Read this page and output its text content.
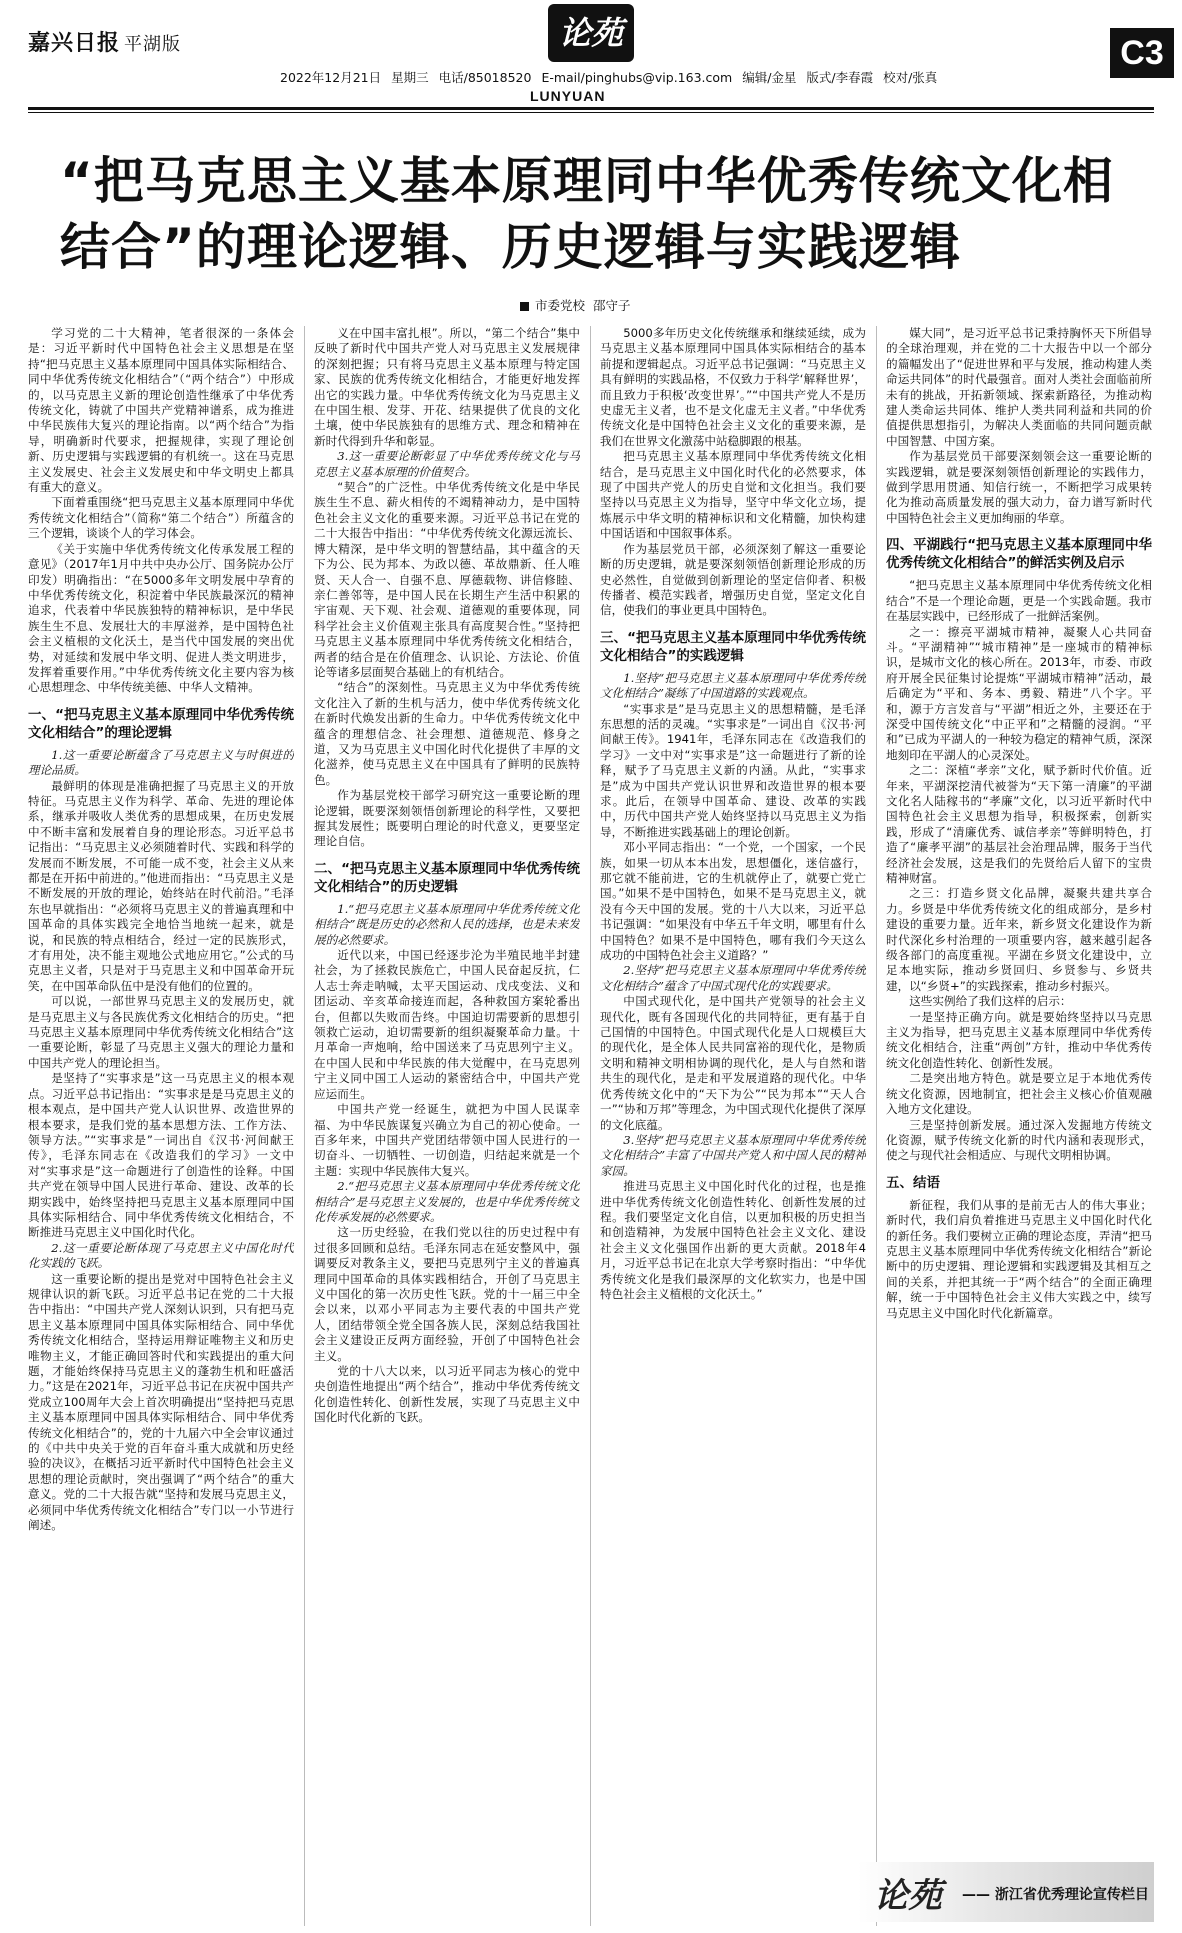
嘉兴日报 平湖版	论苑
C3
2022年12月21日 星期三 电话/85018520 E-mail/pinghubs@vip.163.com 编辑/金星 版式/李春霞 校对/张真
LUNYUAN
“把马克思主义基本原理同中华优秀传统文化相结合”的理论逻辑、历史逻辑与实践逻辑
市委党校 邵守子

学习党的二十大精神，笔者很深的一条体会是：习近平新时代中国特色社会主义思想是在坚持“把马克思主义基本原理同中国具体实际相结合、同中华优秀传统文化相结合”（“两个结合”）中形成的，以马克思主义新的理论创造性继承了中华优秀传统文化，铸就了中国共产党精神谱系，成为推进中华民族伟大复兴的理论指南。以“两个结合”为指导，明确新时代要求，把握规律，实现了理论创新、历史逻辑与实践逻辑的有机统一。这在马克思主义发展史、社会主义发展史和中华文明史上都具有重大的意义。

下面着重围绕“把马克思主义基本原理同中华优秀传统文化相结合”（简称“第二个结合”）所蕴含的三个逻辑，谈谈个人的学习体会。

《关于实施中华优秀传统文化传承发展工程的意见》（2017年1月中共中央办公厅、国务院办公厅印发）明确指出：“在5000多年文明发展中孕育的中华优秀传统文化，积淀着中华民族最深沉的精神追求，代表着中华民族独特的精神标识，是中华民族生生不息、发展壮大的丰厚滋养，是中国特色社会主义植根的文化沃土，是当代中国发展的突出优势，对延续和发展中华文明、促进人类文明进步，发挥着重要作用。”中华优秀传统文化主要内容为核心思想理念、中华传统美德、中华人文精神。

一、“把马克思主义基本原理同中华优秀传统文化相结合”的理论逻辑

1.这一重要论断蕴含了马克思主义与时俱进的理论品质。

最鲜明的体现是准确把握了马克思主义的开放特征。马克思主义作为科学、革命、先进的理论体系，继承并吸收人类优秀的思想成果，在历史发展中不断丰富和发展着自身的理论形态。习近平总书记指出：“马克思主义必须随着时代、实践和科学的发展而不断发展，不可能一成不变，社会主义从来都是在开拓中前进的。”他进而指出：“马克思主义是不断发展的开放的理论，始终站在时代前沿。”毛泽东也早就指出：“必须将马克思主义的普遍真理和中国革命的具体实践完全地恰当地统一起来，就是说，和民族的特点相结合，经过一定的民族形式，才有用处，决不能主观地公式地应用它。”公式的马克思主义者，只是对于马克思主义和中国革命开玩笑，在中国革命队伍中是没有他们的位置的。

可以说，一部世界马克思主义的发展历史，就是马克思主义与各民族优秀文化相结合的历史。“把马克思主义基本原理同中华优秀传统文化相结合”这一重要论断，彰显了马克思主义强大的理论力量和中国共产党人的理论担当。

是坚持了“实事求是”这一马克思主义的根本观点。习近平总书记指出：“实事求是是马克思主义的根本观点，是中国共产党人认识世界、改造世界的根本要求，是我们党的基本思想方法、工作方法、领导方法。”“实事求是”一词出自《汉书·河间献王传》，毛泽东同志在《改造我们的学习》一文中对“实事求是”这一命题进行了创造性的诠释。中国共产党在领导中国人民进行革命、建设、改革的长期实践中，始终坚持把马克思主义基本原理同中国具体实际相结合、同中华优秀传统文化相结合，不断推进马克思主义中国化时代化。

2.这一重要论断体现了马克思主义中国化时代化实践的飞跃。

这一重要论断的提出是党对中国特色社会主义规律认识的新飞跃。习近平总书记在党的二十大报告中指出：“中国共产党人深刻认识到，只有把马克思主义基本原理同中国具体实际相结合、同中华优秀传统文化相结合，坚持运用辩证唯物主义和历史唯物主义，才能正确回答时代和实践提出的重大问题，才能始终保持马克思主义的蓬勃生机和旺盛活力。”这是在2021年，习近平总书记在庆祝中国共产党成立100周年大会上首次明确提出“坚持把马克思主义基本原理同中国具体实际相结合、同中华优秀传统文化相结合”的，党的十九届六中全会审议通过的《中共中央关于党的百年奋斗重大成就和历史经验的决议》，在概括习近平新时代中国特色社会主义思想的理论贡献时，突出强调了“两个结合”的重大意义。党的二十大报告就“坚持和发展马克思主义，必须同中华优秀传统文化相结合”专门以一小节进行阐述。

义在中国丰富扎根”。所以，“第二个结合”集中反映了新时代中国共产党人对马克思主义发展规律的深刻把握；只有将马克思主义基本原理与特定国家、民族的优秀传统文化相结合，才能更好地发挥出它的实践力量。中华优秀传统文化为马克思主义在中国生根、发芽、开花、结果提供了优良的文化土壤，使中华民族独有的思维方式、理念和精神在新时代得到升华和彰显。

3.这一重要论断彰显了中华优秀传统文化与马克思主义基本原理的价值契合。

“契合”的广泛性。中华优秀传统文化是中华民族生生不息、薪火相传的不竭精神动力，是中国特色社会主义文化的重要来源。习近平总书记在党的二十大报告中指出：“中华优秀传统文化源远流长、博大精深，是中华文明的智慧结晶，其中蕴含的天下为公、民为邦本、为政以德、革故鼎新、任人唯贤、天人合一、自强不息、厚德载物、讲信修睦、亲仁善邻等，是中国人民在长期生产生活中积累的宇宙观、天下观、社会观、道德观的重要体现，同科学社会主义价值观主张具有高度契合性。”坚持把马克思主义基本原理同中华优秀传统文化相结合，两者的结合是在价值理念、认识论、方法论、价值论等诸多层面契合基础上的有机结合。

“结合”的深刻性。马克思主义为中华优秀传统文化注入了新的生机与活力，使中华优秀传统文化在新时代焕发出新的生命力。中华优秀传统文化中蕴含的理想信念、社会理想、道德规范、修身之道，又为马克思主义中国化时代化提供了丰厚的文化滋养，使马克思主义在中国具有了鲜明的民族特色。

作为基层党校干部学习研究这一重要论断的理论逻辑，既要深刻领悟创新理论的科学性，又要把握其发展性；既要明白理论的时代意义，更要坚定理论自信。

二、“把马克思主义基本原理同中华优秀传统文化相结合”的历史逻辑

1.“把马克思主义基本原理同中华优秀传统文化相结合”既是历史的必然和人民的选择，也是未来发展的必然要求。

近代以来，中国已经逐步沦为半殖民地半封建社会，为了拯救民族危亡，中国人民奋起反抗，仁人志士奔走呐喊，太平天国运动、戊戌变法、义和团运动、辛亥革命接连而起，各种救国方案轮番出台，但都以失败而告终。中国迫切需要新的思想引领救亡运动，迫切需要新的组织凝聚革命力量。十月革命一声炮响，给中国送来了马克思列宁主义。在中国人民和中华民族的伟大觉醒中，在马克思列宁主义同中国工人运动的紧密结合中，中国共产党应运而生。

中国共产党一经诞生，就把为中国人民谋幸福、为中华民族谋复兴确立为自己的初心使命。一百多年来，中国共产党团结带领中国人民进行的一切奋斗、一切牺牲、一切创造，归结起来就是一个主题：实现中华民族伟大复兴。

2.“把马克思主义基本原理同中华优秀传统文化相结合”是马克思主义发展的，也是中华优秀传统文化传承发展的必然要求。

这一历史经验，在我们党以往的历史过程中有过很多回顾和总结。毛泽东同志在延安整风中，强调要反对教条主义，要把马克思列宁主义的普遍真理同中国革命的具体实践相结合，开创了马克思主义中国化的第一次历史性飞跃。党的十一届三中全会以来，以邓小平同志为主要代表的中国共产党人，团结带领全党全国各族人民，深刻总结我国社会主义建设正反两方面经验，开创了中国特色社会主义。

党的十八大以来，以习近平同志为核心的党中央创造性地提出“两个结合”，推动中华优秀传统文化创造性转化、创新性发展，实现了马克思主义中国化时代化新的飞跃。

5000多年历史文化传统继承和继续延续，成为马克思主义基本原理同中国具体实际相结合的基本前提和逻辑起点。习近平总书记强调：“马克思主义具有鲜明的实践品格，不仅致力于科学‘解释世界’，而且致力于积极‘改变世界’。”“中国共产党人不是历史虚无主义者，也不是文化虚无主义者。”中华优秀传统文化是中国特色社会主义文化的重要来源，是我们在世界文化激荡中站稳脚跟的根基。

把马克思主义基本原理同中华优秀传统文化相结合，是马克思主义中国化时代化的必然要求，体现了中国共产党人的历史自觉和文化担当。我们要坚持以马克思主义为指导，坚守中华文化立场，提炼展示中华文明的精神标识和文化精髓，加快构建中国话语和中国叙事体系。

作为基层党员干部，必须深刻了解这一重要论断的历史逻辑，就是要深刻领悟创新理论形成的历史必然性，自觉做到创新理论的坚定信仰者、积极传播者、模范实践者，增强历史自觉，坚定文化自信，使我们的事业更具中国特色。

三、“把马克思主义基本原理同中华优秀传统文化相结合”的实践逻辑

1.坚持“把马克思主义基本原理同中华优秀传统文化相结合”凝练了中国道路的实践观点。

“实事求是”是马克思主义的思想精髓，是毛泽东思想的活的灵魂。“实事求是”一词出自《汉书·河间献王传》。1941年，毛泽东同志在《改造我们的学习》一文中对“实事求是”这一命题进行了新的诠释，赋予了马克思主义新的内涵。从此，“实事求是”成为中国共产党认识世界和改造世界的根本要求。此后，在领导中国革命、建设、改革的实践中，历代中国共产党人始终坚持以马克思主义为指导，不断推进实践基础上的理论创新。

邓小平同志指出：“一个党，一个国家，一个民族，如果一切从本本出发，思想僵化，迷信盛行，那它就不能前进，它的生机就停止了，就要亡党亡国。”如果不是中国特色，如果不是马克思主义，就没有今天中国的发展。党的十八大以来，习近平总书记强调：“如果没有中华五千年文明，哪里有什么中国特色？如果不是中国特色，哪有我们今天这么成功的中国特色社会主义道路？”

2.坚持“把马克思主义基本原理同中华优秀传统文化相结合”蕴含了中国式现代化的实践要求。

中国式现代化，是中国共产党领导的社会主义现代化，既有各国现代化的共同特征，更有基于自己国情的中国特色。中国式现代化是人口规模巨大的现代化，是全体人民共同富裕的现代化，是物质文明和精神文明相协调的现代化，是人与自然和谐共生的现代化，是走和平发展道路的现代化。中华优秀传统文化中的“天下为公”“民为邦本”“天人合一”“协和万邦”等理念，为中国式现代化提供了深厚的文化底蕴。

3.坚持“把马克思主义基本原理同中华优秀传统文化相结合”丰富了中国共产党人和中国人民的精神家园。

推进马克思主义中国化时代化的过程，也是推进中华优秀传统文化创造性转化、创新性发展的过程。我们要坚定文化自信，以更加积极的历史担当和创造精神，为发展中国特色社会主义文化、建设社会主义文化强国作出新的更大贡献。2018年4月，习近平总书记在北京大学考察时指出：“中华优秀传统文化是我们最深厚的文化软实力，也是中国特色社会主义植根的文化沃土。”

媒大同”，是习近平总书记秉持胸怀天下所倡导的全球治理观，并在党的二十大报告中以一个部分的篇幅发出了“促进世界和平与发展，推动构建人类命运共同体”的时代最强音。面对人类社会面临前所未有的挑战，开拓新领域、探索新路径，为推动构建人类命运共同体、维护人类共同利益和共同的价值提供思想指引，为解决人类面临的共同问题贡献中国智慧、中国方案。

作为基层党员干部要深刻领会这一重要论断的实践逻辑，就是要深刻领悟创新理论的实践伟力，做到学思用贯通、知信行统一，不断把学习成果转化为推动高质量发展的强大动力，奋力谱写新时代中国特色社会主义更加绚丽的华章。

四、平湖践行“把马克思主义基本原理同中华优秀传统文化相结合”的鲜活实例及启示

“把马克思主义基本原理同中华优秀传统文化相结合”不是一个理论命题，更是一个实践命题。我市在基层实践中，已经形成了一批鲜活案例。

之一：擦亮平湖城市精神，凝聚人心共同奋斗。“平湖精神”“城市精神”是一座城市的精神标识，是城市文化的核心所在。2013年，市委、市政府开展全民征集讨论提炼“平湖城市精神”活动，最后确定为“平和、务本、勇毅、精进”八个字。平和，源于方言发音与“平湖”相近之外，主要还在于深受中国传统文化“中正平和”之精髓的浸润。“平和”已成为平湖人的一种较为稳定的精神气质，深深地刻印在平湖人的心灵深处。

之二：深植“孝亲”文化，赋予新时代价值。近年来，平湖深挖清代被誉为“天下第一清廉”的平湖文化名人陆稼书的“孝廉”文化，以习近平新时代中国特色社会主义思想为指导，积极探索，创新实践，形成了“清廉优秀、诚信孝亲”等鲜明特色，打造了“廉孝平湖”的基层社会治理品牌，服务于当代经济社会发展，这是我们的先贤给后人留下的宝贵精神财富。

之三：打造乡贤文化品牌，凝聚共建共享合力。乡贤是中华优秀传统文化的组成部分，是乡村建设的重要力量。近年来，新乡贤文化建设作为新时代深化乡村治理的一项重要内容，越来越引起各级各部门的高度重视。平湖在乡贤文化建设中，立足本地实际，推动乡贤回归、乡贤参与、乡贤共建，以“乡贤+”的实践探索，推动乡村振兴。

这些实例给了我们这样的启示：

一是坚持正确方向。就是要始终坚持以马克思主义为指导，把马克思主义基本原理同中华优秀传统文化相结合，注重“两创”方针，推动中华优秀传统文化创造性转化、创新性发展。

二是突出地方特色。就是要立足于本地优秀传统文化资源，因地制宜，把社会主义核心价值观融入地方文化建设。

三是坚持创新发展。通过深入发掘地方传统文化资源，赋予传统文化新的时代内涵和表现形式，使之与现代社会相适应、与现代文明相协调。

五、结语

新征程，我们从事的是前无古人的伟大事业；新时代，我们肩负着推进马克思主义中国化时代化的新任务。我们要树立正确的理论态度，弄清“把马克思主义基本原理同中华优秀传统文化相结合”新论断中的历史逻辑、理论逻辑和实践逻辑及其相互之间的关系，并把其统一于“两个结合”的全面正确理解，统一于中国特色社会主义伟大实践之中，续写马克思主义中国化时代化新篇章。

论苑 —— 浙江省优秀理论宣传栏目
